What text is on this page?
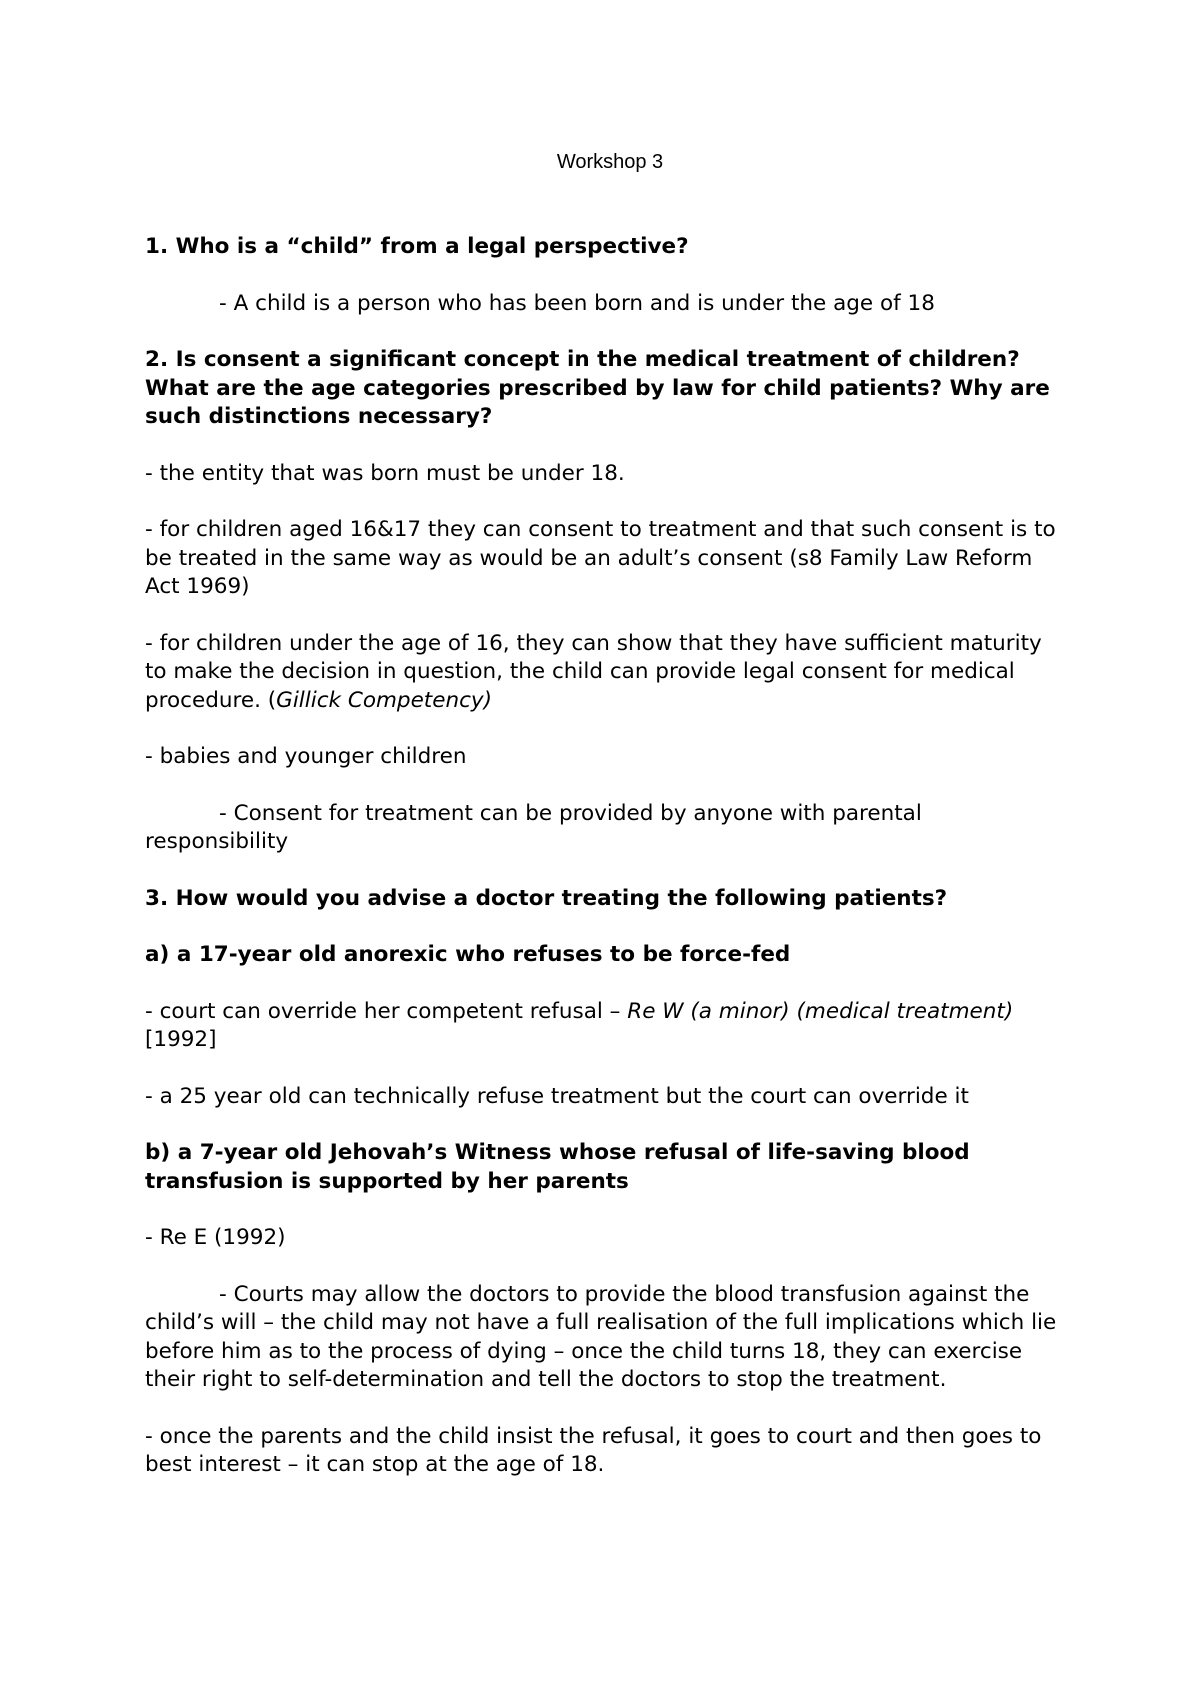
Workshop 3

1. Who is a “child” from a legal perspective?

- A child is a person who has been born and is under the age of 18

2. Is consent a significant concept in the medical treatment of children? What are the age categories prescribed by law for child patients? Why are such distinctions necessary?

- the entity that was born must be under 18.

- for children aged 16&17 they can consent to treatment and that such consent is to be treated in the same way as would be an adult’s consent (s8 Family Law Reform Act 1969)

- for children under the age of 16, they can show that they have sufficient maturity to make the decision in question, the child can provide legal consent for medical procedure. (Gillick Competency)

- babies and younger children

- Consent for treatment can be provided by anyone with parental responsibility

3. How would you advise a doctor treating the following patients?

a) a 17-year old anorexic who refuses to be force-fed

- court can override her competent refusal – Re W (a minor) (medical treatment) [1992]

- a 25 year old can technically refuse treatment but the court can override it

b) a 7-year old Jehovah’s Witness whose refusal of life-saving blood transfusion is supported by her parents

- Re E (1992)

- Courts may allow the doctors to provide the blood transfusion against the child’s will – the child may not have a full realisation of the full implications which lie before him as to the process of dying – once the child turns 18, they can exercise their right to self-determination and tell the doctors to stop the treatment.

- once the parents and the child insist the refusal, it goes to court and then goes to best interest – it can stop at the age of 18.
